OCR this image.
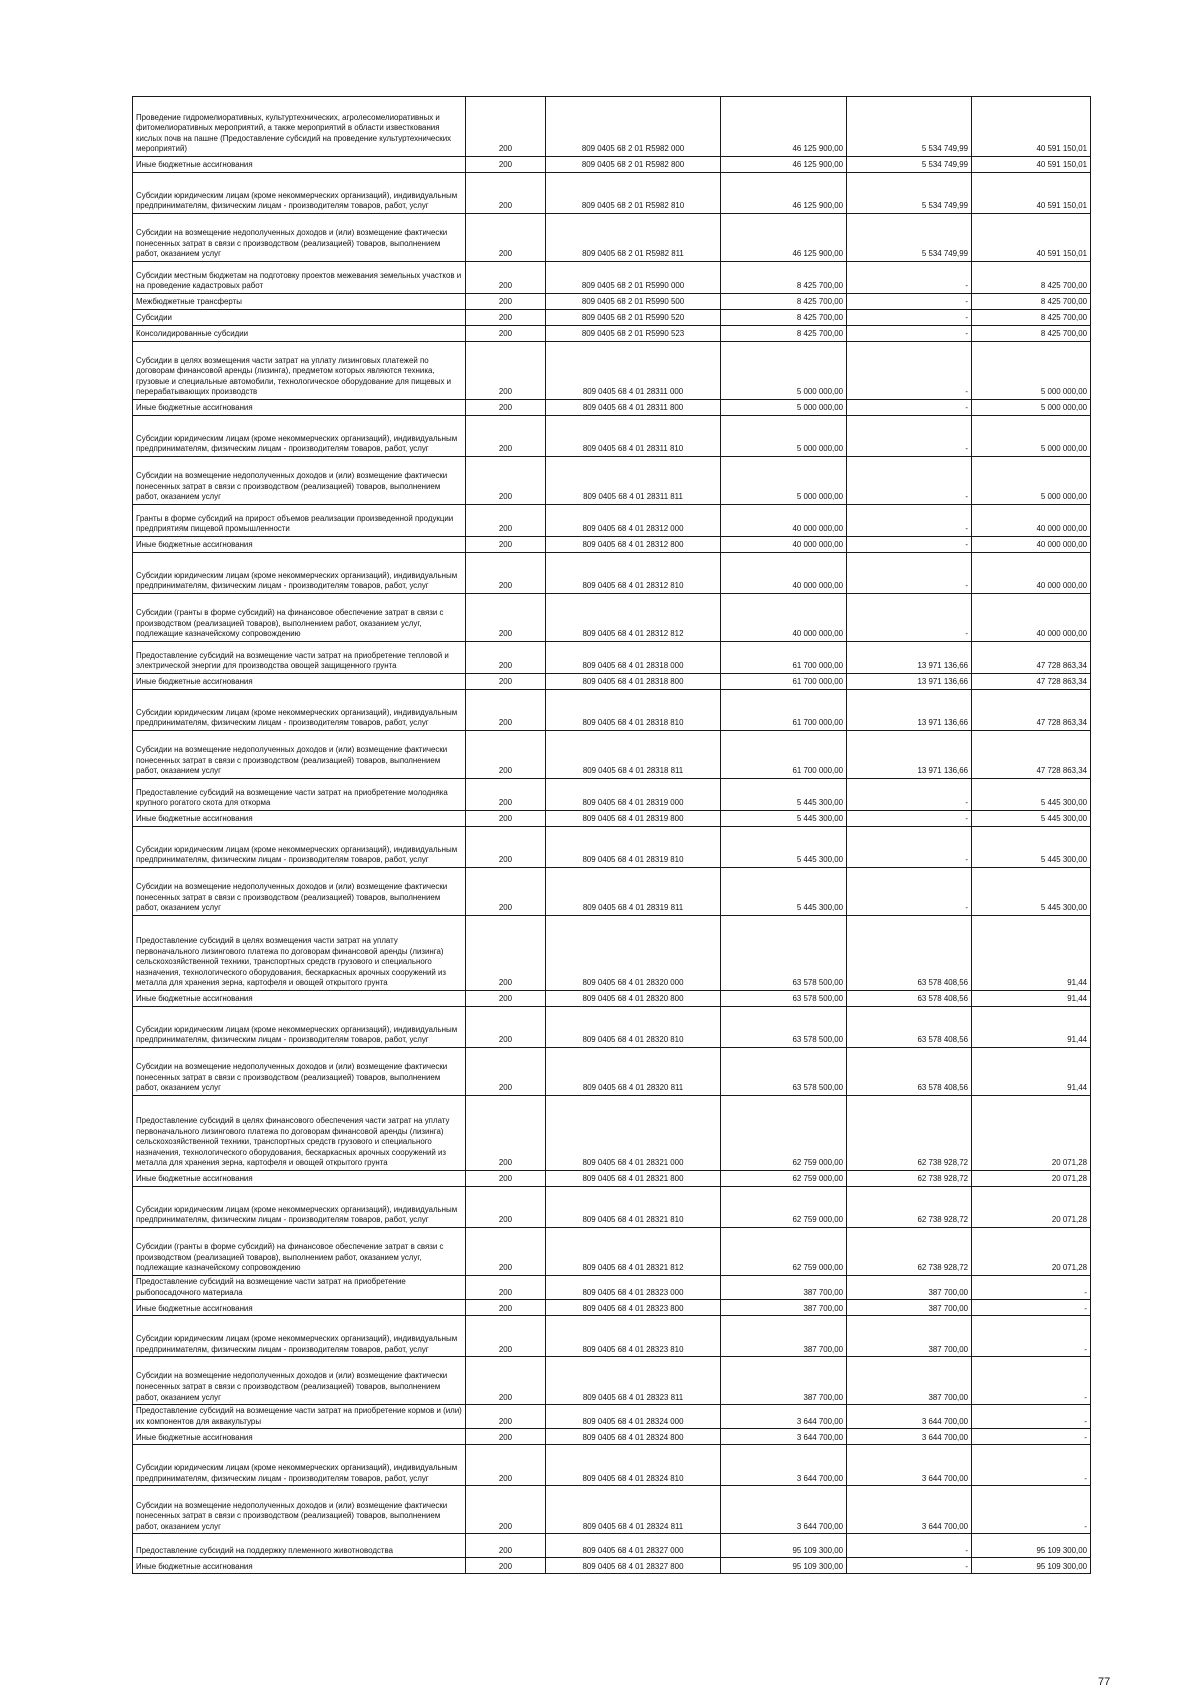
Проведение гидромелиоративных, культуртехнических, агролесомелиоративных и фитомелиоративных мероприятий, а также мероприятий в области известкования кислых почв на пашне (Предоставление субсидий на проведение культуртехнических мероприятий)	200	809 0405 68 2 01 R5982 000	46 125 900,00	5 534 749,99	40 591 150,01
Иные бюджетные ассигнования	200	809 0405 68 2 01 R5982 800	46 125 900,00	5 534 749,99	40 591 150,01
Субсидии юридическим лицам (кроме некоммерческих организаций), индивидуальным предпринимателям, физическим лицам - производителям товаров, работ, услуг	200	809 0405 68 2 01 R5982 810	46 125 900,00	5 534 749,99	40 591 150,01
Субсидии на возмещение недополученных доходов и (или) возмещение фактически понесенных затрат в связи с производством (реализацией) товаров, выполнением работ, оказанием услуг	200	809 0405 68 2 01 R5982 811	46 125 900,00	5 534 749,99	40 591 150,01
Субсидии местным бюджетам на подготовку проектов межевания земельных участков и на проведение кадастровых работ	200	809 0405 68 2 01 R5990 000	8 425 700,00	-	8 425 700,00
Межбюджетные трансферты	200	809 0405 68 2 01 R5990 500	8 425 700,00	-	8 425 700,00
Субсидии	200	809 0405 68 2 01 R5990 520	8 425 700,00	-	8 425 700,00
Консолидированные субсидии	200	809 0405 68 2 01 R5990 523	8 425 700,00	-	8 425 700,00
Субсидии в целях возмещения части затрат на уплату лизинговых платежей по договорам финансовой аренды (лизинга), предметом которых являются техника, грузовые и специальные автомобили, технологическое оборудование для пищевых и перерабатывающих производств	200	809 0405 68 4 01 28311 000	5 000 000,00	-	5 000 000,00
Иные бюджетные ассигнования	200	809 0405 68 4 01 28311 800	5 000 000,00	-	5 000 000,00
Субсидии юридическим лицам (кроме некоммерческих организаций), индивидуальным предпринимателям, физическим лицам - производителям товаров, работ, услуг	200	809 0405 68 4 01 28311 810	5 000 000,00	-	5 000 000,00
Субсидии на возмещение недополученных доходов и (или) возмещение фактически понесенных затрат в связи с производством (реализацией) товаров, выполнением работ, оказанием услуг	200	809 0405 68 4 01 28311 811	5 000 000,00	-	5 000 000,00
Гранты в форме субсидий на прирост объемов реализации произведенной продукции предприятиям пищевой промышленности	200	809 0405 68 4 01 28312 000	40 000 000,00	-	40 000 000,00
Иные бюджетные ассигнования	200	809 0405 68 4 01 28312 800	40 000 000,00	-	40 000 000,00
Субсидии юридическим лицам (кроме некоммерческих организаций), индивидуальным предпринимателям, физическим лицам - производителям товаров, работ, услуг	200	809 0405 68 4 01 28312 810	40 000 000,00	-	40 000 000,00
Субсидии (гранты в форме субсидий) на финансовое обеспечение затрат в связи с производством (реализацией товаров), выполнением работ, оказанием услуг, подлежащие казначейскому сопровождению	200	809 0405 68 4 01 28312 812	40 000 000,00	-	40 000 000,00
Предоставление субсидий на возмещение части затрат на приобретение тепловой и электрической энергии для производства овощей защищенного грунта	200	809 0405 68 4 01 28318 000	61 700 000,00	13 971 136,66	47 728 863,34
Иные бюджетные ассигнования	200	809 0405 68 4 01 28318 800	61 700 000,00	13 971 136,66	47 728 863,34
Субсидии юридическим лицам (кроме некоммерческих организаций), индивидуальным предпринимателям, физическим лицам - производителям товаров, работ, услуг	200	809 0405 68 4 01 28318 810	61 700 000,00	13 971 136,66	47 728 863,34
Субсидии на возмещение недополученных доходов и (или) возмещение фактически понесенных затрат в связи с производством (реализацией) товаров, выполнением работ, оказанием услуг	200	809 0405 68 4 01 28318 811	61 700 000,00	13 971 136,66	47 728 863,34
Предоставление субсидий на возмещение части затрат на приобретение молодняка крупного рогатого скота для откорма	200	809 0405 68 4 01 28319 000	5 445 300,00	-	5 445 300,00
Иные бюджетные ассигнования	200	809 0405 68 4 01 28319 800	5 445 300,00	-	5 445 300,00
Субсидии юридическим лицам (кроме некоммерческих организаций), индивидуальным предпринимателям, физическим лицам - производителям товаров, работ, услуг	200	809 0405 68 4 01 28319 810	5 445 300,00	-	5 445 300,00
Субсидии на возмещение недополученных доходов и (или) возмещение фактически понесенных затрат в связи с производством (реализацией) товаров, выполнением работ, оказанием услуг	200	809 0405 68 4 01 28319 811	5 445 300,00	-	5 445 300,00
Предоставление субсидий в целях возмещения части затрат на уплату первоначального лизингового платежа по договорам финансовой аренды (лизинга) сельскохозяйственной техники, транспортных средств грузового и специального назначения, технологического оборудования, бескаркасных арочных сооружений из металла для хранения зерна, картофеля и овощей открытого грунта	200	809 0405 68 4 01 28320 000	63 578 500,00	63 578 408,56	91,44
Иные бюджетные ассигнования	200	809 0405 68 4 01 28320 800	63 578 500,00	63 578 408,56	91,44
Субсидии юридическим лицам (кроме некоммерческих организаций), индивидуальным предпринимателям, физическим лицам - производителям товаров, работ, услуг	200	809 0405 68 4 01 28320 810	63 578 500,00	63 578 408,56	91,44
Субсидии на возмещение недополученных доходов и (или) возмещение фактически понесенных затрат в связи с производством (реализацией) товаров, выполнением работ, оказанием услуг	200	809 0405 68 4 01 28320 811	63 578 500,00	63 578 408,56	91,44
Предоставление субсидий в целях финансового обеспечения части затрат на уплату первоначального лизингового платежа по договорам финансовой аренды (лизинга) сельскохозяйственной техники, транспортных средств грузового и специального назначения, технологического оборудования, бескаркасных арочных сооружений из металла для хранения зерна, картофеля и овощей открытого грунта	200	809 0405 68 4 01 28321 000	62 759 000,00	62 738 928,72	20 071,28
Иные бюджетные ассигнования	200	809 0405 68 4 01 28321 800	62 759 000,00	62 738 928,72	20 071,28
Субсидии юридическим лицам (кроме некоммерческих организаций), индивидуальным предпринимателям, физическим лицам - производителям товаров, работ, услуг	200	809 0405 68 4 01 28321 810	62 759 000,00	62 738 928,72	20 071,28
Субсидии (гранты в форме субсидий) на финансовое обеспечение затрат в связи с производством (реализацией товаров), выполнением работ, оказанием услуг, подлежащие казначейскому сопровождению	200	809 0405 68 4 01 28321 812	62 759 000,00	62 738 928,72	20 071,28
Предоставление субсидий на возмещение части затрат на приобретение рыбопосадочного материала	200	809 0405 68 4 01 28323 000	387 700,00	387 700,00	-
Иные бюджетные ассигнования	200	809 0405 68 4 01 28323 800	387 700,00	387 700,00	-
Субсидии юридическим лицам (кроме некоммерческих организаций), индивидуальным предпринимателям, физическим лицам - производителям товаров, работ, услуг	200	809 0405 68 4 01 28323 810	387 700,00	387 700,00	-
Субсидии на возмещение недополученных доходов и (или) возмещение фактически понесенных затрат в связи с производством (реализацией) товаров, выполнением работ, оказанием услуг	200	809 0405 68 4 01 28323 811	387 700,00	387 700,00	-
Предоставление субсидий на возмещение части затрат на приобретение кормов и (или) их компонентов для аквакультуры	200	809 0405 68 4 01 28324 000	3 644 700,00	3 644 700,00	-
Иные бюджетные ассигнования	200	809 0405 68 4 01 28324 800	3 644 700,00	3 644 700,00	-
Субсидии юридическим лицам (кроме некоммерческих организаций), индивидуальным предпринимателям, физическим лицам - производителям товаров, работ, услуг	200	809 0405 68 4 01 28324 810	3 644 700,00	3 644 700,00	-
Субсидии на возмещение недополученных доходов и (или) возмещение фактически понесенных затрат в связи с производством (реализацией) товаров, выполнением работ, оказанием услуг	200	809 0405 68 4 01 28324 811	3 644 700,00	3 644 700,00	-
Предоставление субсидий на поддержку племенного животноводства	200	809 0405 68 4 01 28327 000	95 109 300,00	-	95 109 300,00
Иные бюджетные ассигнования	200	809 0405 68 4 01 28327 800	95 109 300,00	-	95 109 300,00
77
